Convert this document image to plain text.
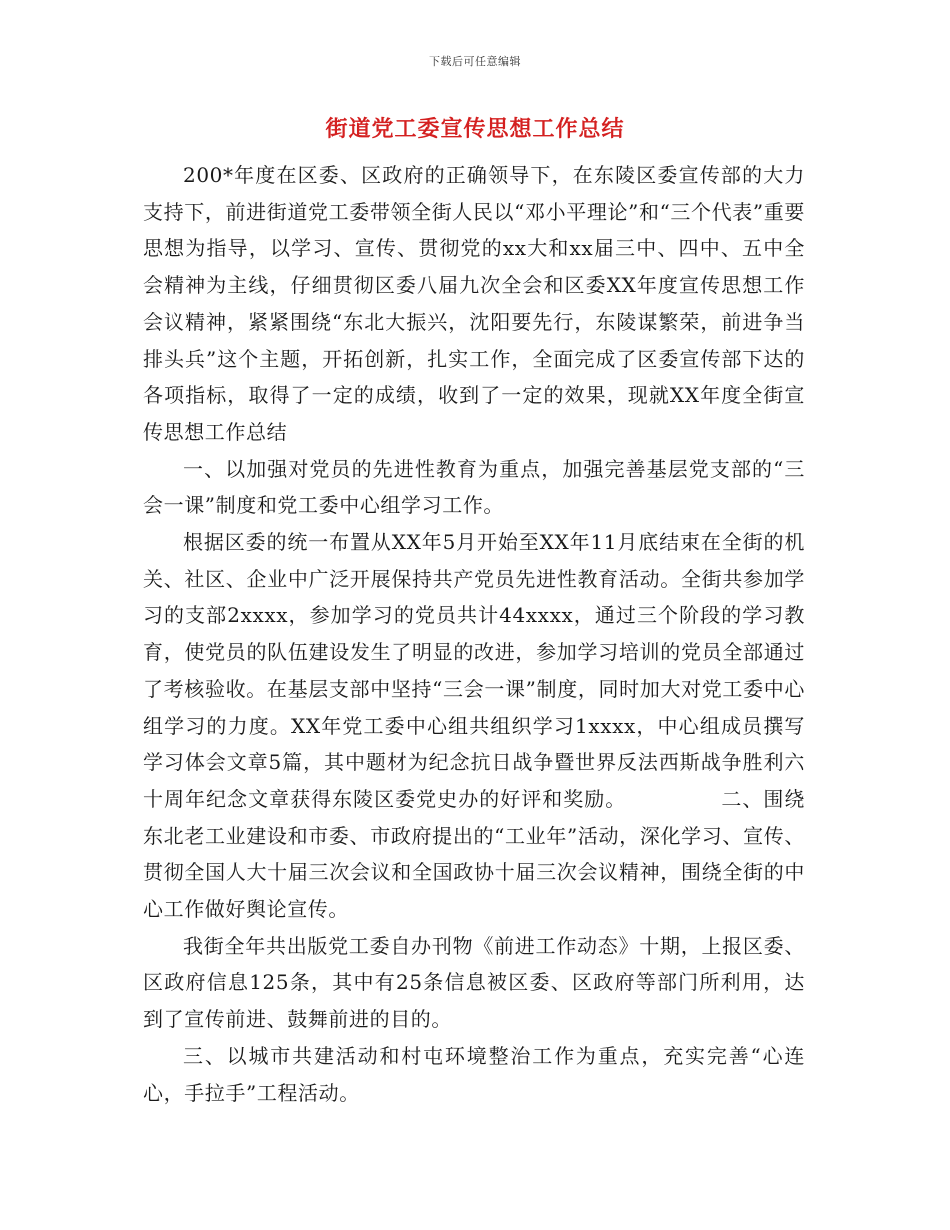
下载后可任意编辑
街道党工委宣传思想工作总结

200*年度在区委、区政府的正确领导下，在东陵区委宣传部的大力支持下，前进街道党工委带领全街人民以“邓小平理论”和“三个代表”重要思想为指导，以学习、宣传、贯彻党的xx大和xx届三中、四中、五中全会精神为主线，仔细贯彻区委八届九次全会和区委XX年度宣传思想工作会议精神，紧紧围绕“东北大振兴，沈阳要先行，东陵谋繁荣，前进争当排头兵”这个主题，开拓创新，扎实工作，全面完成了区委宣传部下达的各项指标，取得了一定的成绩，收到了一定的效果，现就XX年度全街宣传思想工作总结

一、以加强对党员的先进性教育为重点，加强完善基层党支部的“三会一课”制度和党工委中心组学习工作。

根据区委的统一布置从XX年5月开始至XX年11月底结束在全街的机关、社区、企业中广泛开展保持共产党员先进性教育活动。全街共参加学习的支部2xxxx，参加学习的党员共计44xxxx，通过三个阶段的学习教育，使党员的队伍建设发生了明显的改进，参加学习培训的党员全部通过了考核验收。在基层支部中坚持“三会一课”制度，同时加大对党工委中心组学习的力度。XX年党工委中心组共组织学习1xxxx，中心组成员撰写学习体会文章5篇，其中题材为纪念抗日战争暨世界反法西斯战争胜利六十周年纪念文章获得东陵区委党史办的好评和奖励。　　　　　二、围绕东北老工业建设和市委、市政府提出的“工业年”活动，深化学习、宣传、贯彻全国人大十届三次会议和全国政协十届三次会议精神，围绕全街的中心工作做好舆论宣传。

我街全年共出版党工委自办刊物《前进工作动态》十期，上报区委、区政府信息125条，其中有25条信息被区委、区政府等部门所利用，达到了宣传前进、鼓舞前进的目的。

三、以城市共建活动和村屯环境整治工作为重点，充实完善“心连心，手拉手”工程活动。
